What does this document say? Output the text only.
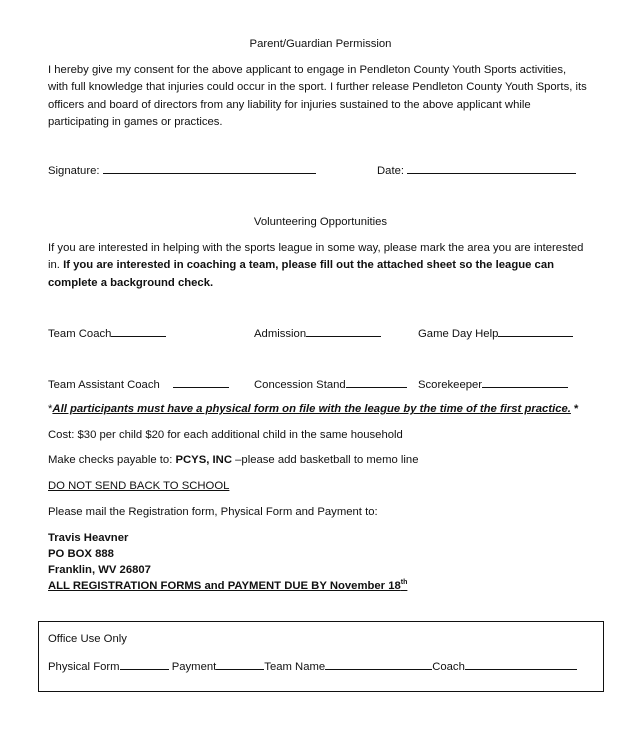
Parent/Guardian Permission
I hereby give my consent for the above applicant to engage in Pendleton County Youth Sports activities, with full knowledge that injuries could occur in the sport. I further release Pendleton County Youth Sports, its officers and board of directors from any liability for injuries sustained to the above applicant while participating in games or practices.
Signature:	Date:
Volunteering Opportunities
If you are interested in helping with the sports league in some way, please mark the area you are interested in. If you are interested in coaching a team, please fill out the attached sheet so the league can complete a background check.
Team Coach	Admission	Game Day Help
Team Assistant Coach	Concession Stand	Scorekeeper
*All participants must have a physical form on file with the league by the time of the first practice. *
Cost: $30 per child $20 for each additional child in the same household
Make checks payable to: PCYS, INC –please add basketball to memo line
DO NOT SEND BACK TO SCHOOL
Please mail the Registration form, Physical Form and Payment to:
Travis Heavner
PO BOX 888
Franklin, WV 26807
ALL REGISTRATION FORMS and PAYMENT DUE BY November 18th
Office Use Only
Physical Form	Payment	Team Name	Coach
